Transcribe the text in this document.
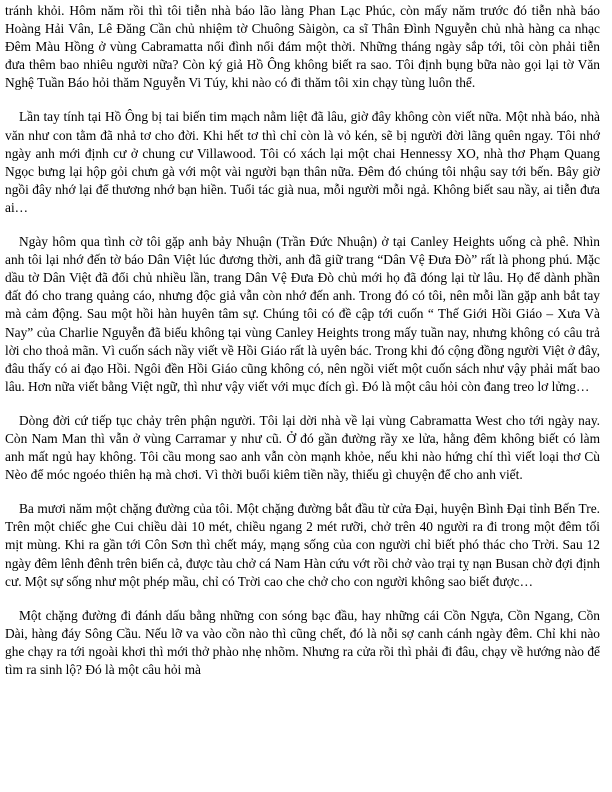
tránh khỏi. Hôm năm rồi thì tôi tiễn nhà báo lão làng Phan Lạc Phúc, còn mấy năm trước đó tiễn nhà báo Hoàng Hải Vân, Lê Đăng Cần chủ nhiệm tờ Chuông Sàigòn, ca sĩ Thân Đình Nguyễn chủ nhà hàng ca nhạc Đêm Màu Hồng ở vùng Cabramatta nổi đình nổi đám một thời. Những tháng ngày sắp tới, tôi còn phải tiễn đưa thêm bao nhiêu người nữa? Còn ký giả Hồ Ông không biết ra sao. Tôi định bụng bữa nào gọi lại tờ Văn Nghệ Tuần Báo hỏi thăm Nguyễn Vi Túy, khi nào có đi thăm tôi xin chạy tùng luôn thể.

Lần tay tính tại Hồ Ông bị tai biến tim mạch nằm liệt đã lâu, giờ đây không còn viết nữa. Một nhà báo, nhà văn như con tằm đã nhả tơ cho đời. Khi hết tơ thì chỉ còn là vỏ kén, sẽ bị người đời lãng quên ngay. Tôi nhớ ngày anh mới định cư ở chung cư Villawood. Tôi có xách lại một chai Hennessy XO, nhà thơ Phạm Quang Ngọc bưng lại hộp gỏi chưn gà với một vài người bạn thân nữa. Đêm đó chúng tôi nhậu say tới bến. Bây giờ ngồi đây nhớ lại để thương nhớ bạn hiền. Tuổi tác già nua, mỗi người mỗi ngả. Không biết sau nầy, ai tiễn đưa ai…

Ngày hôm qua tình cờ tôi gặp anh bảy Nhuận (Trần Đức Nhuận) ở tại Canley Heights uống cà phê. Nhìn anh tôi lại nhớ đến tờ báo Dân Việt lúc đương thời, anh đã giữ trang “Dân Vệ Đưa Đò” rất là phong phú. Mặc dầu tờ Dân Việt đã đổi chủ nhiều lần, trang Dân Vệ Đưa Đò chủ mới họ đã đóng lại từ lâu. Họ để dành phần đất đó cho trang quảng cáo, nhưng độc giả vẫn còn nhớ đến anh. Trong đó có tôi, nên mỗi lần gặp anh bắt tay mà cảm động. Sau một hồi hàn huyên tâm sự. Chúng tôi có đề cập tới cuốn “ Thế Giới Hồi Giáo – Xưa Và Nay” của Charlie Nguyễn đã biếu không tại vùng Canley Heights trong mấy tuần nay, nhưng không có câu trả lời cho thoả mãn. Vì cuốn sách nầy viết về Hồi Giáo rất là uyên bác. Trong khi đó cộng đồng người Việt ở đây, đâu thấy có ai đạo Hồi. Ngôi đền Hồi Giáo cũng không có, nên ngồi viết một cuốn sách như vậy phải mất bao lâu. Hơn nữa viết bằng Việt ngữ, thì như vậy viết với mục đích gì. Đó là một câu hỏi còn đang treo lơ lửng…

Dòng đời cứ tiếp tục chảy trên phận người. Tôi lại dời nhà về lại vùng Cabramatta West cho tới ngày nay. Còn Nam Man thì vẫn ở vùng Carramar y như cũ. Ở đó gần đường rầy xe lửa, hằng đêm không biết có làm anh mất ngủ hay không. Tôi cầu mong sao anh vẫn còn mạnh khỏe, nếu khi nào hứng chí thì viết loại thơ Cù Nèo để móc ngoéo thiên hạ mà chơi. Vì thời buổi kiêm tiền nầy, thiếu gì chuyện để cho anh viết.

Ba mươi năm một chặng đường của tôi. Một chặng đường bắt đầu từ cửa Đại, huyện Bình Đại tỉnh Bến Tre. Trên một chiếc ghe Cui chiều dài 10 mét, chiều ngang 2 mét rưỡi, chở trên 40 người ra đi trong một đêm tối mịt mùng. Khi ra gần tới Côn Sơn thì chết máy, mạng sống của con người chỉ biết phó thác cho Trời. Sau 12 ngày đêm lênh đênh trên biển cả, được tàu chở cá Nam Hàn cứu vớt rồi chở vào trại tỵ nạn Busan chờ đợi định cư. Một sự sống như một phép mầu, chỉ có Trời cao che chở cho con người không sao biết được…

Một chặng đường đi đánh dấu bằng những con sóng bạc đầu, hay những cái Cồn Ngựa, Cồn Ngang, Cồn Dài, hàng đáy Sông Cầu. Nếu lỡ va vào cồn nào thì cũng chết, đó là nỗi sợ canh cánh ngày đêm. Chỉ khi nào ghe chạy ra tới ngoài khơi thì mới thở phào nhẹ nhõm. Nhưng ra cửa rồi thì phải đi đâu, chạy về hướng nào để tìm ra sinh lộ? Đó là một câu hỏi mà
